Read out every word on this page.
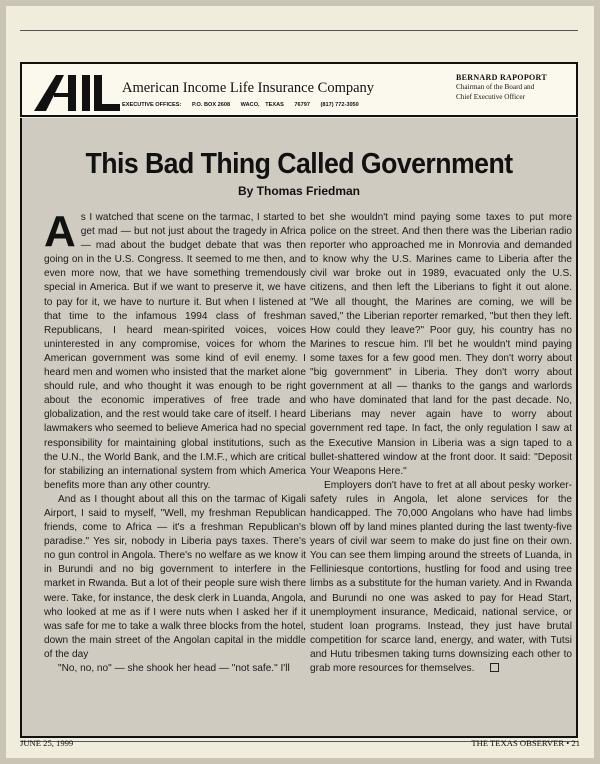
American Income Life Insurance Company
EXECUTIVE OFFICES: P.O. BOX 2608 WACO, TEXAS 76797 (817) 772-3050
BERNARD RAPOPORT
Chairman of the Board and
Chief Executive Officer
This Bad Thing Called Government
By Thomas Friedman

As I watched that scene on the tarmac, I started to get mad — but not just about the tragedy in Africa — mad about the budget debate that was then going on in the U.S. Congress. It seemed to me then, and even more now, that we have something tremendously special in America. But if we want to preserve it, we have to pay for it, we have to nurture it. But when I listened at that time to the infamous 1994 class of freshman Republicans, I heard mean-spirited voices, voices uninterested in any compromise, voices for whom the American government was some kind of evil enemy. I heard men and women who insisted that the market alone should rule, and who thought it was enough to be right about the economic imperatives of free trade and globalization, and the rest would take care of itself. I heard lawmakers who seemed to believe America had no special responsibility for maintaining global institutions, such as the U.N., the World Bank, and the I.M.F., which are critical for stabilizing an international system from which America benefits more than any other country.

And as I thought about all this on the tarmac of Kigali Airport, I said to myself, "Well, my freshman Republican friends, come to Africa — it's a freshman Republican's paradise." Yes sir, nobody in Liberia pays taxes. There's no gun control in Angola. There's no welfare as we know it in Burundi and no big government to interfere in the market in Rwanda. But a lot of their people sure wish there were. Take, for instance, the desk clerk in Luanda, Angola, who looked at me as if I were nuts when I asked her if it was safe for me to take a walk three blocks from the hotel, down the main street of the Angolan capital in the middle of the day

"No, no, no" — she shook her head — "not safe." I'll

bet she wouldn't mind paying some taxes to put more police on the street. And then there was the Liberian radio reporter who approached me in Monrovia and demanded to know why the U.S. Marines came to Liberia after the civil war broke out in 1989, evacuated only the U.S. citizens, and then left the Liberians to fight it out alone. "We all thought, the Marines are coming, we will be saved," the Liberian reporter remarked, "but then they left. How could they leave?" Poor guy, his country has no Marines to rescue him. I'll bet he wouldn't mind paying some taxes for a few good men. They don't worry about "big government" in Liberia. They don't worry about government at all — thanks to the gangs and warlords who have dominated that land for the past decade. No, Liberians may never again have to worry about government red tape. In fact, the only regulation I saw at the Executive Mansion in Liberia was a sign taped to a bullet-shattered window at the front door. It said: "Deposit Your Weapons Here."

Employers don't have to fret at all about pesky worker-safety rules in Angola, let alone services for the handicapped. The 70,000 Angolans who have had limbs blown off by land mines planted during the last twenty-five years of civil war seem to make do just fine on their own. You can see them limping around the streets of Luanda, in Felliniesque contortions, hustling for food and using tree limbs as a substitute for the human variety. And in Rwanda and Burundi no one was asked to pay for Head Start, unemployment insurance, Medicaid, national service, or student loan programs. Instead, they just have brutal competition for scarce land, energy, and water, with Tutsi and Hutu tribesmen taking turns downsizing each other to grab more resources for themselves.

JUNE 25, 1999	THE TEXAS OBSERVER • 21
